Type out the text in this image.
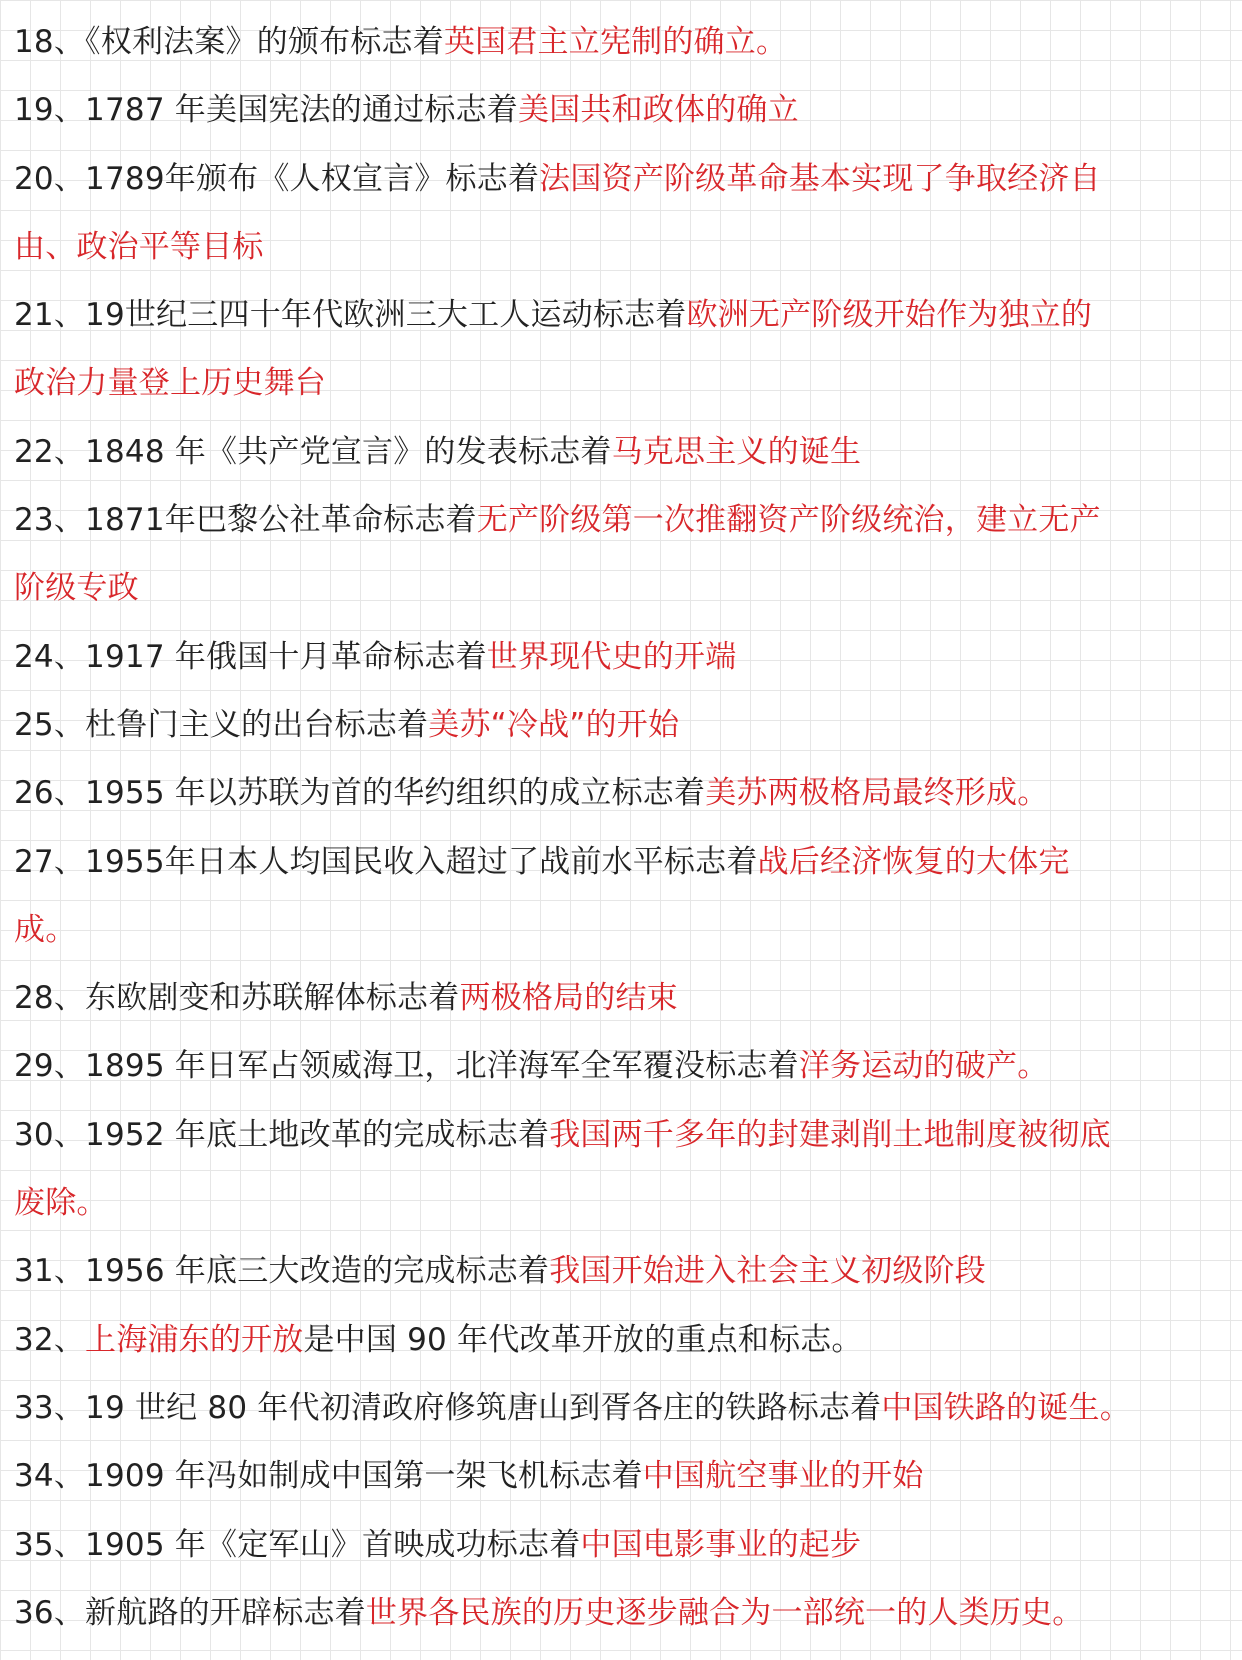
18、《权利法案》的颁布标志着英国君主立宪制的确立。
19、1787 年美国宪法的通过标志着美国共和政体的确立
20、1789年颁布《人权宣言》标志着法国资产阶级革命基本实现了争取经济自
由、政治平等目标
21、19世纪三四十年代欧洲三大工人运动标志着欧洲无产阶级开始作为独立的
政治力量登上历史舞台
22、1848 年《共产党宣言》的发表标志着马克思主义的诞生
23、1871年巴黎公社革命标志着无产阶级第一次推翻资产阶级统治，建立无产
阶级专政
24、1917 年俄国十月革命标志着世界现代史的开端
25、杜鲁门主义的出台标志着美苏“冷战”的开始
26、1955 年以苏联为首的华约组织的成立标志着美苏两极格局最终形成。
27、1955年日本人均国民收入超过了战前水平标志着战后经济恢复的大体完
成。
28、东欧剧变和苏联解体标志着两极格局的结束
29、1895 年日军占领威海卫，北洋海军全军覆没标志着洋务运动的破产。
30、1952 年底土地改革的完成标志着我国两千多年的封建剥削土地制度被彻底
废除。
31、1956 年底三大改造的完成标志着我国开始进入社会主义初级阶段
32、上海浦东的开放是中国 90 年代改革开放的重点和标志。
33、19 世纪 80 年代初清政府修筑唐山到胥各庄的铁路标志着中国铁路的诞生。
34、1909 年冯如制成中国第一架飞机标志着中国航空事业的开始
35、1905 年《定军山》首映成功标志着中国电影事业的起步
36、新航路的开辟标志着世界各民族的历史逐步融合为一部统一的人类历史。
